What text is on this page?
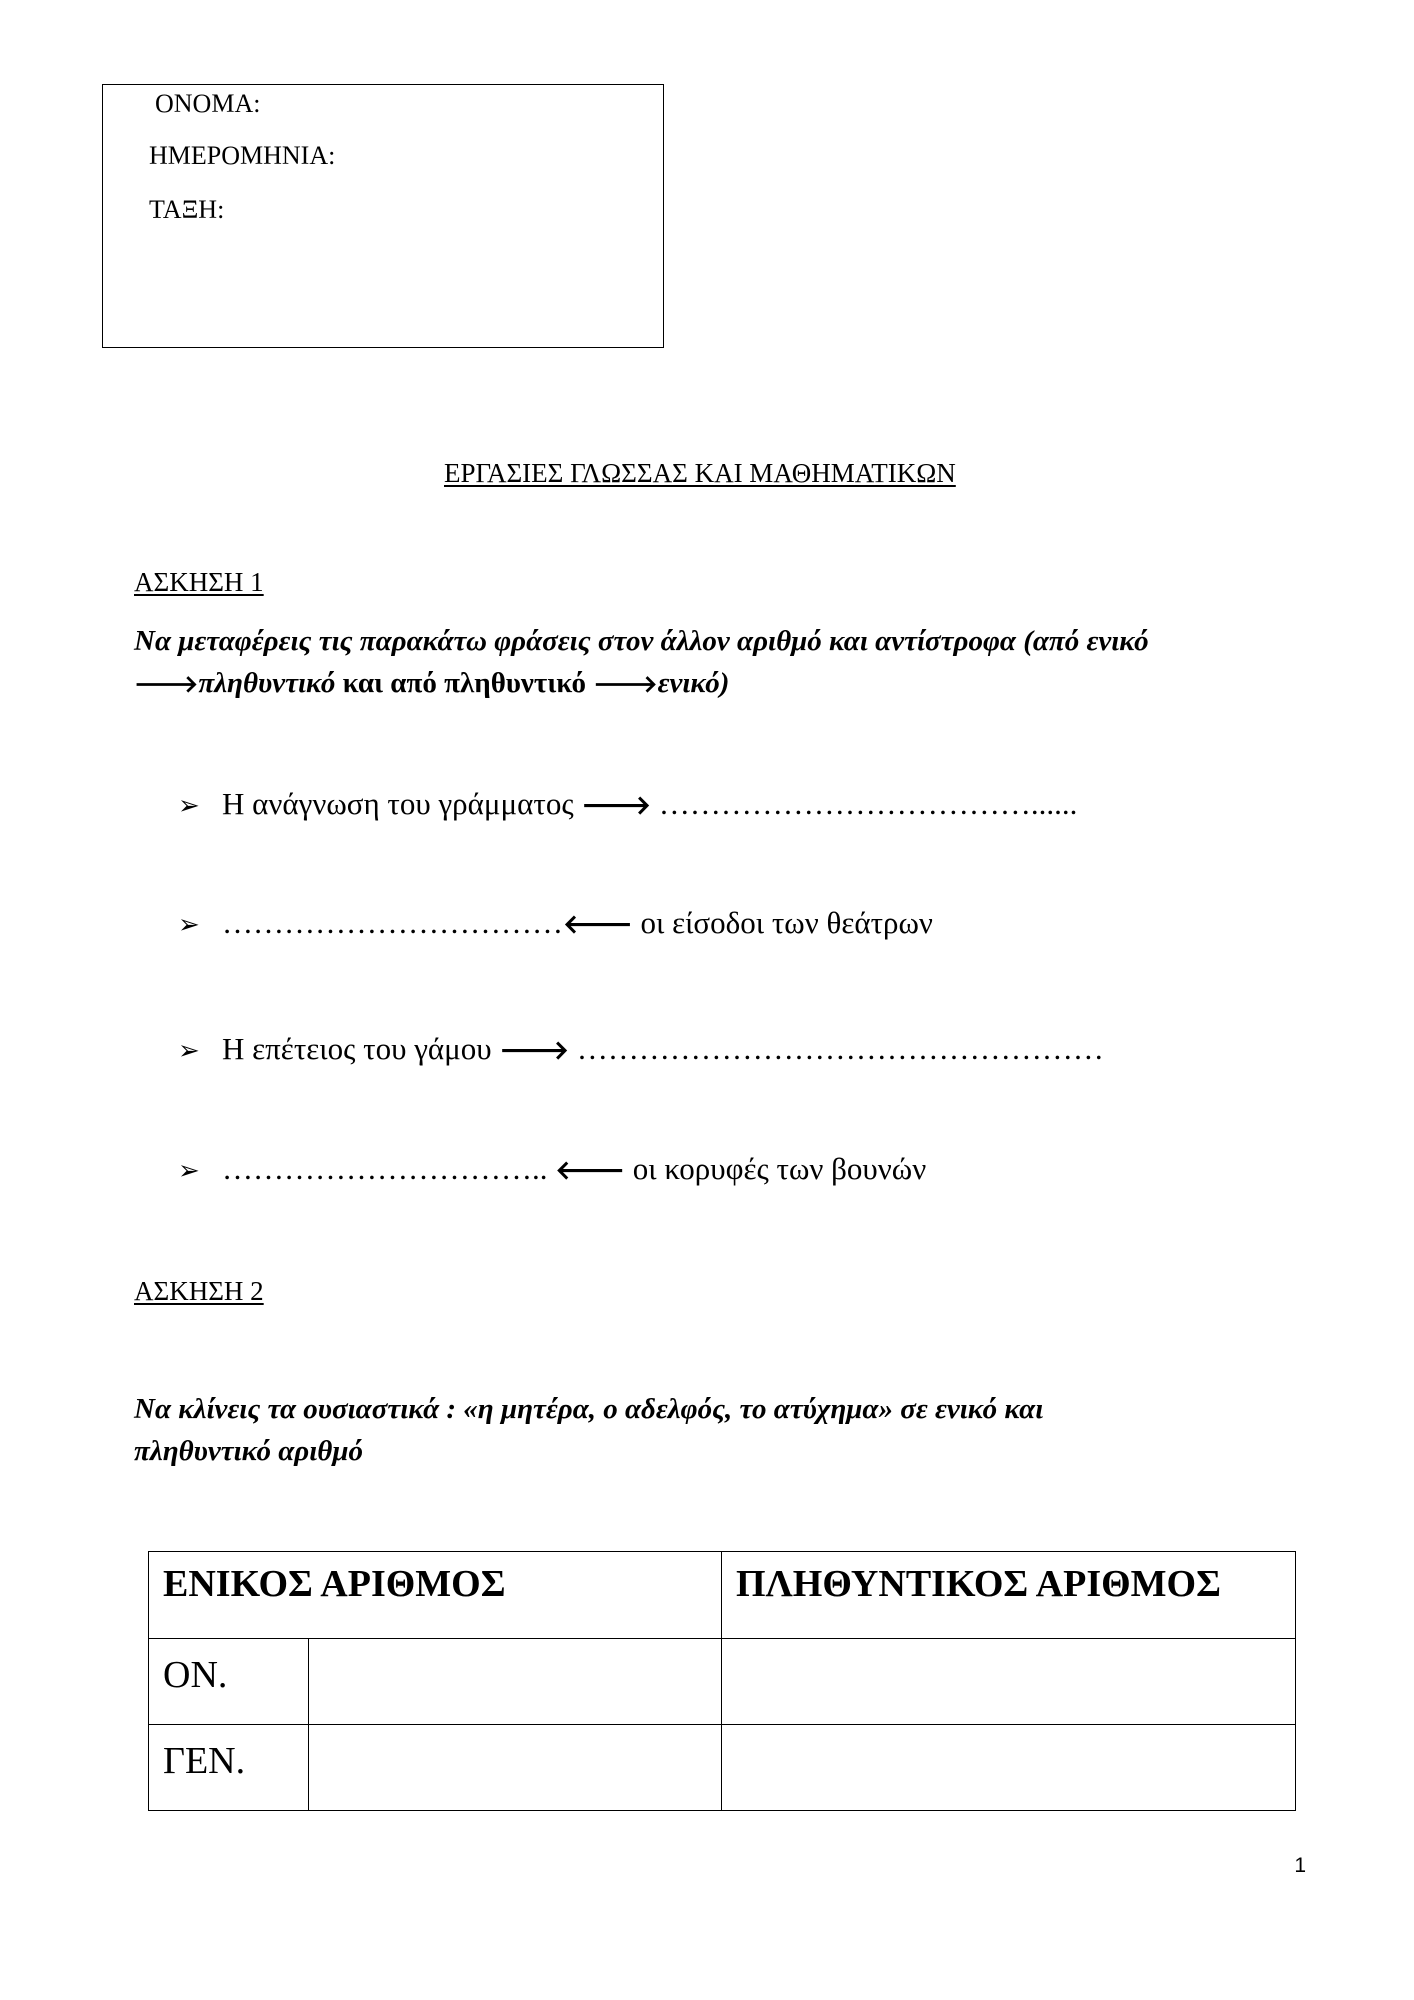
ΟΝΟΜΑ:
ΗΜΕΡΟΜΗΝΙΑ:
ΤΑΞΗ:
ΕΡΓΑΣΙΕΣ ΓΛΩΣΣΑΣ ΚΑΙ ΜΑΘΗΜΑΤΙΚΩΝ
ΑΣΚΗΣΗ 1
Να μεταφέρεις τις παρακάτω φράσεις στον άλλον αριθμό και αντίστροφα (από ενικό
🡒πληθυντικό και από πληθυντικό 🡒ενικό)
➢ Η ανάγνωση του γράμματος 🡒 ………………………………......
➢ ……………………………🡐 οι είσοδοι των θεάτρων
➢ Η επέτειος του γάμου 🡒 ……………………………………………
➢ ………………………….. 🡐 οι κορυφές των βουνών
ΑΣΚΗΣΗ 2
Να κλίνεις τα ουσιαστικά : «η μητέρα, ο αδελφός, το ατύχημα» σε ενικό και
πληθυντικό αριθμό
ΕΝΙΚΟΣ ΑΡΙΘΜΟΣ		ΠΛΗΘΥΝΤΙΚΟΣ ΑΡΙΘΜΟΣ
ΟΝ.		
ΓΕΝ.		
1
